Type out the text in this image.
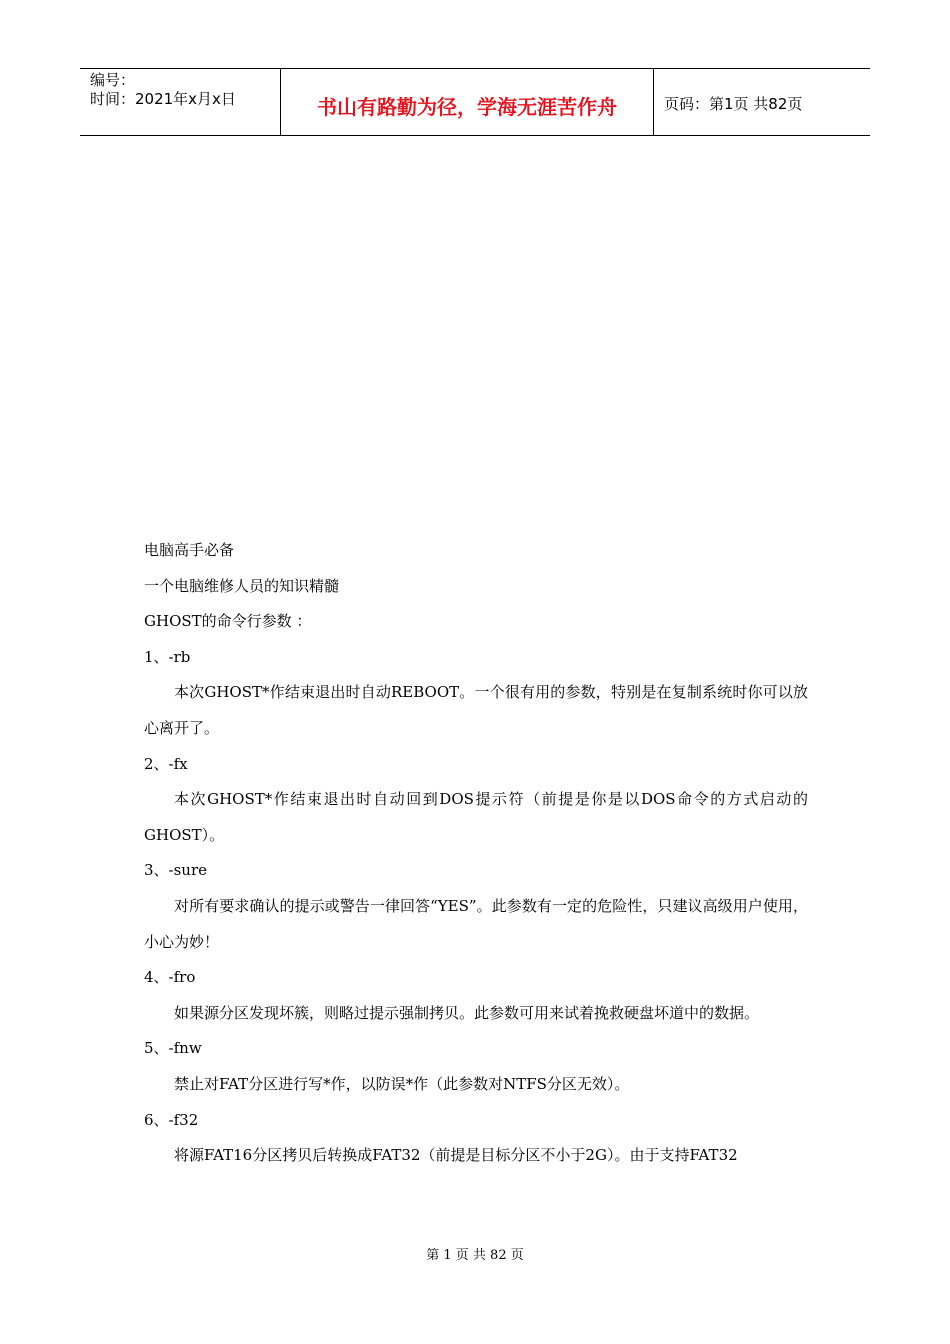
编号：
时间：2021年x月x日	书山有路勤为径，学海无涯苦作舟	页码：第1页 共82页

电脑高手必备

一个电脑维修人员的知识精髓

GHOST的命令行参数 ：

1、-rb

本次GHOST*作结束退出时自动REBOOT。一个很有用的参数，特别是在复制系统时你可以放心离开了。

2、-fx

本次GHOST*作结束退出时自动回到DOS提示符（前提是你是以DOS命令的方式启动的GHOST）。

3、-sure

对所有要求确认的提示或警告一律回答“YES”。此参数有一定的危险性，只建议高级用户使用，小心为妙！

4、-fro

如果源分区发现坏簇，则略过提示强制拷贝。此参数可用来试着挽救硬盘坏道中的数据。

5、-fnw

禁止对FAT分区进行写*作，以防误*作（此参数对NTFS分区无效）。

6、-f32

将源FAT16分区拷贝后转换成FAT32（前提是目标分区不小于2G）。由于支持FAT32

第 1 页 共 82 页
